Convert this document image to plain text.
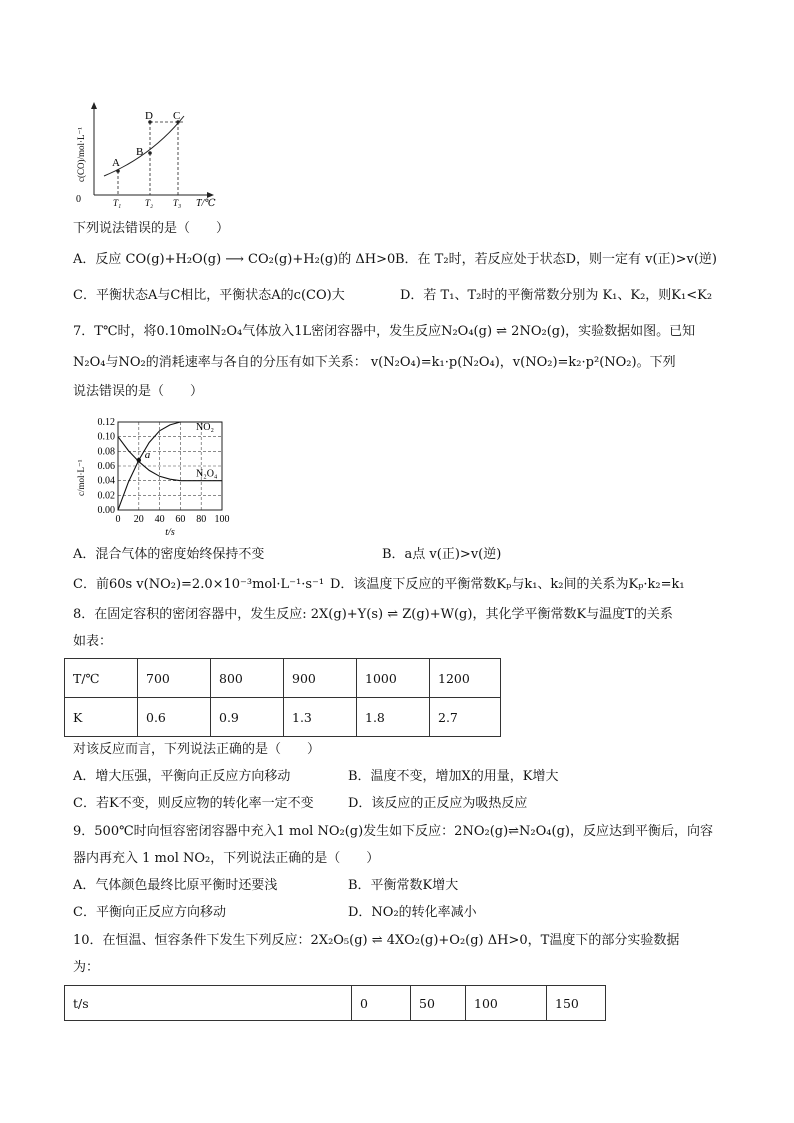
A
B
C
D
0	T₁	T₂ T₃ T/℃
c(CO)/mol·L⁻¹
下列说法错误的是（　　）
A．反应 CO(g)+H₂O(g) ⟶ CO₂(g)+H₂(g)的 ΔH>0 B．在 T₂时，若反应处于状态D，则一定有 v(正)>v(逆)
C．平衡状态A与C相比，平衡状态A的c(CO)大	D．若 T₁、T₂时的平衡常数分别为 K₁、K₂，则K₁<K₂
7．T℃时，将0.10molN₂O₄气体放入1L密闭容器中，发生反应N₂O₄(g) ⇌ 2NO₂(g)，实验数据如图。已知
N₂O₄与NO₂的消耗速率与各自的分压有如下关系： v(N₂O₄)=k₁·p(N₂O₄)，v(NO₂)=k₂·p²(NO₂)。下列
说法错误的是（　　）
0 20 40 60 80 100
0.00
0.02
0.04
0.06
0.08
0.10
0.12	NO₂
N₂O₄
a
t/s
c/mol·L⁻¹
A．混合气体的密度始终保持不变	B．a点 v(正)>v(逆)
C．前60s v(NO₂)=2.0×10⁻³mol·L⁻¹·s⁻¹ D．该温度下反应的平衡常数Kₚ与k₁、k₂间的关系为Kₚ·k₂=k₁
8．在固定容积的密闭容器中，发生反应: 2X(g)+Y(s) ⇌ Z(g)+W(g)，其化学平衡常数K与温度T的关系
如表：
T/℃	700	800	900	1000	1200
K	0.6	0.9	1.3	1.8	2.7
对该反应而言，下列说法正确的是（　　）
A．增大压强，平衡向正反应方向移动	B．温度不变，增加X的用量，K增大
C．若K不变，则反应物的转化率一定不变	D．该反应的正反应为吸热反应
9．500℃时向恒容密闭容器中充入1 mol NO₂(g)发生如下反应：2NO₂(g)⇌N₂O₄(g)，反应达到平衡后，向容
器内再充入 1 mol NO₂，下列说法正确的是（　　）
A．气体颜色最终比原平衡时还要浅	B．平衡常数K增大
C．平衡向正反应方向移动	D．NO₂的转化率减小
10．在恒温、恒容条件下发生下列反应：2X₂O₅(g) ⇌ 4XO₂(g)+O₂(g) ΔH>0，T温度下的部分实验数据
为：
t/s	0	50	100	150
